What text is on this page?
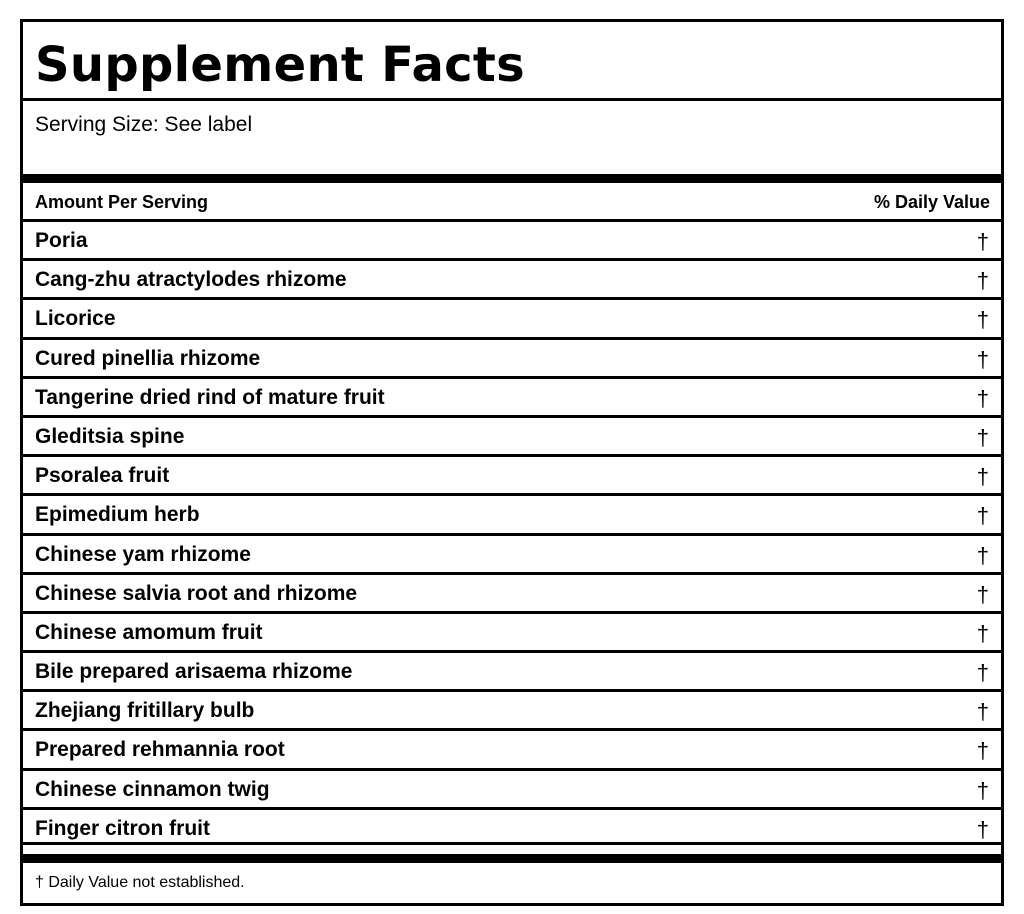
Supplement Facts
Serving Size: See label
Amount Per Serving	% Daily Value
Poria	†
Cang-zhu atractylodes rhizome	†
Licorice	†
Cured pinellia rhizome	†
Tangerine dried rind of mature fruit	†
Gleditsia spine	†
Psoralea fruit	†
Epimedium herb	†
Chinese yam rhizome	†
Chinese salvia root and rhizome	†
Chinese amomum fruit	†
Bile prepared arisaema rhizome	†
Zhejiang fritillary bulb	†
Prepared rehmannia root	†
Chinese cinnamon twig	†
Finger citron fruit	†
† Daily Value not established.
